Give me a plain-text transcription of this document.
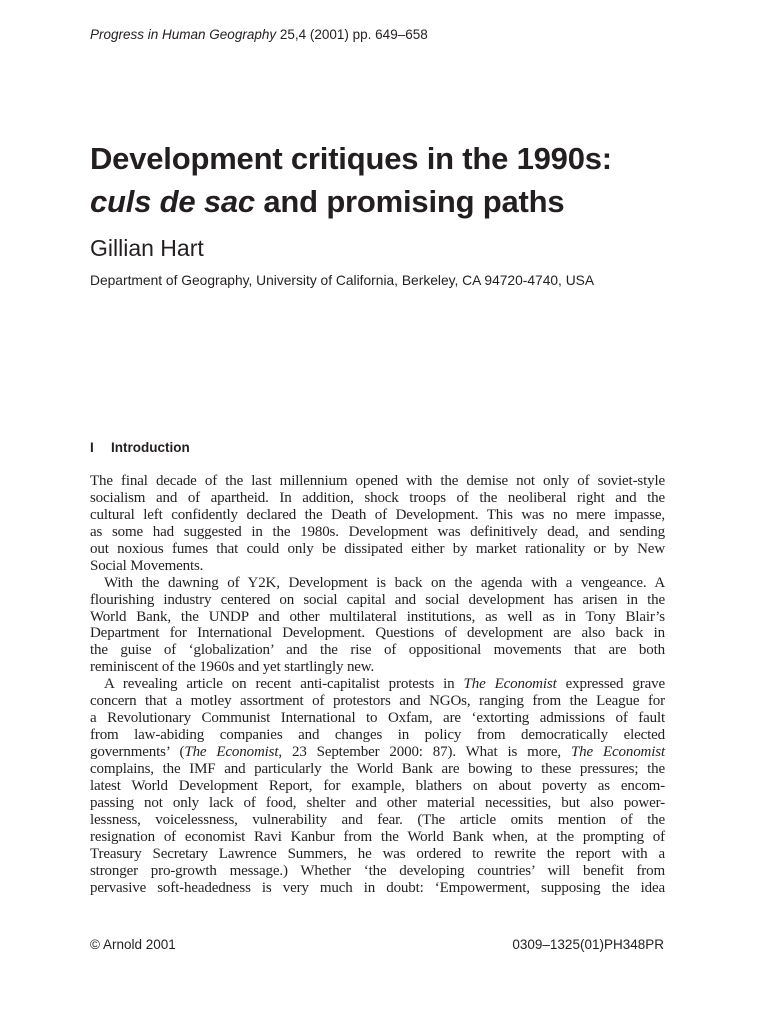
Progress in Human Geography 25,4 (2001) pp. 649–658
Development critiques in the 1990s:
culs de sac and promising paths
Gillian Hart
Department of Geography, University of California, Berkeley, CA 94720-4740, USA
I Introduction

The final decade of the last millennium opened with the demise not only of soviet-style
socialism and of apartheid. In addition, shock troops of the neoliberal right and the
cultural left confidently declared the Death of Development. This was no mere impasse,
as some had suggested in the 1980s. Development was definitively dead, and sending
out noxious fumes that could only be dissipated either by market rationality or by New
Social Movements.

With the dawning of Y2K, Development is back on the agenda with a vengeance. A
flourishing industry centered on social capital and social development has arisen in the
World Bank, the UNDP and other multilateral institutions, as well as in Tony Blair’s
Department for International Development. Questions of development are also back in
the guise of ‘globalization’ and the rise of oppositional movements that are both
reminiscent of the 1960s and yet startlingly new.

A revealing article on recent anti-capitalist protests in The Economist expressed grave
concern that a motley assortment of protestors and NGOs, ranging from the League for
a Revolutionary Communist International to Oxfam, are ‘extorting admissions of fault
from law-abiding companies and changes in policy from democratically elected
governments’ (The Economist, 23 September 2000: 87). What is more, The Economist
complains, the IMF and particularly the World Bank are bowing to these pressures; the
latest World Development Report, for example, blathers on about poverty as encom-
passing not only lack of food, shelter and other material necessities, but also power-
lessness, voicelessness, vulnerability and fear. (The article omits mention of the
resignation of economist Ravi Kanbur from the World Bank when, at the prompting of
Treasury Secretary Lawrence Summers, he was ordered to rewrite the report with a
stronger pro-growth message.) Whether ‘the developing countries’ will benefit from
pervasive soft-headedness is very much in doubt: ‘Empowerment, supposing the idea

© Arnold 2001	0309–1325(01)PH348PR
